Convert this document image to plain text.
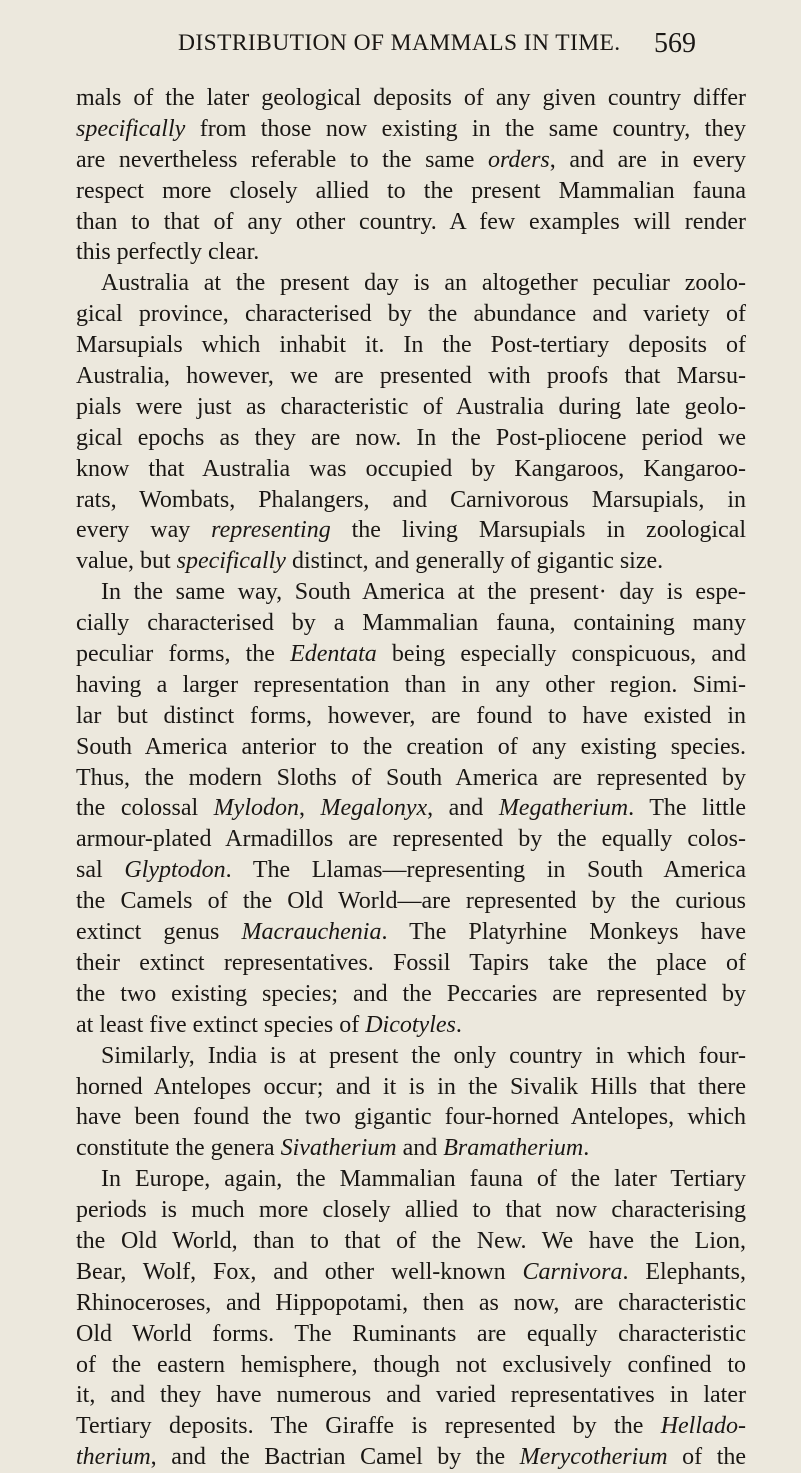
DISTRIBUTION OF MAMMALS IN TIME.	569
mals of the later geological deposits of any given country differ
specifically from those now existing in the same country, they
are nevertheless referable to the same orders, and are in every
respect more closely allied to the present Mammalian fauna
than to that of any other country. A few examples will render
this perfectly clear.
Australia at the present day is an altogether peculiar zoolo-
gical province, characterised by the abundance and variety of
Marsupials which inhabit it. In the Post-tertiary deposits of
Australia, however, we are presented with proofs that Marsu-
pials were just as characteristic of Australia during late geolo-
gical epochs as they are now. In the Post-pliocene period we
know that Australia was occupied by Kangaroos, Kangaroo-
rats, Wombats, Phalangers, and Carnivorous Marsupials, in
every way representing the living Marsupials in zoological
value, but specifically distinct, and generally of gigantic size.
In the same way, South America at the present· day is espe-
cially characterised by a Mammalian fauna, containing many
peculiar forms, the Edentata being especially conspicuous, and
having a larger representation than in any other region. Simi-
lar but distinct forms, however, are found to have existed in
South America anterior to the creation of any existing species.
Thus, the modern Sloths of South America are represented by
the colossal Mylodon, Megalonyx, and Megatherium. The little
armour-plated Armadillos are represented by the equally colos-
sal Glyptodon. The Llamas—representing in South America
the Camels of the Old World—are represented by the curious
extinct genus Macrauchenia. The Platyrhine Monkeys have
their extinct representatives. Fossil Tapirs take the place of
the two existing species; and the Peccaries are represented by
at least five extinct species of Dicotyles.
Similarly, India is at present the only country in which four-
horned Antelopes occur; and it is in the Sivalik Hills that there
have been found the two gigantic four-horned Antelopes, which
constitute the genera Sivatherium and Bramatherium.
In Europe, again, the Mammalian fauna of the later Tertiary
periods is much more closely allied to that now characterising
the Old World, than to that of the New. We have the Lion,
Bear, Wolf, Fox, and other well-known Carnivora. Elephants,
Rhinoceroses, and Hippopotami, then as now, are characteristic
Old World forms. The Ruminants are equally characteristic
of the eastern hemisphere, though not exclusively confined to
it, and they have numerous and varied representatives in later
Tertiary deposits. The Giraffe is represented by the Hellado-
therium, and the Bactrian Camel by the Merycotherium of the
